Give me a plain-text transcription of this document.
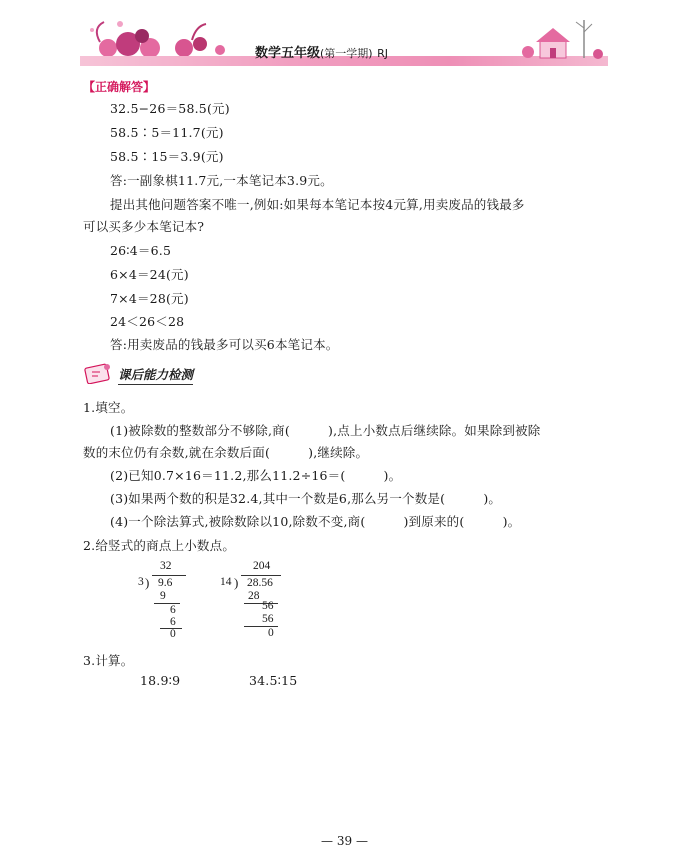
数学五年级(第一学期) RJ
【正确解答】
32.5−26＝58.5(元)
58.5∶5＝11.7(元)
58.5∶15＝3.9(元)
答:一副象棋11.7元,一本笔记本3.9元。
提出其他问题答案不唯一,例如:如果每本笔记本按4元算,用卖废品的钱最多
可以买多少本笔记本?
26∶4＝6.5
6×4＝24(元)
7×4＝28(元)
24＜26＜28
答:用卖废品的钱最多可以买6本笔记本。
课后能力检测
1.填空。
(1)被除数的整数部分不够除,商(　　　),点上小数点后继续除。如果除到被除
数的末位仍有余数,就在余数后面(　　　),继续除。
(2)已知0.7×16＝11.2,那么11.2÷16＝(　　　)。
(3)如果两个数的积是32.4,其中一个数是6,那么另一个数是(　　　)。
(4)一个除法算式,被除数除以10,除数不变,商(　　　)到原来的(　　　)。
2.给竖式的商点上小数点。
32
3 ) 9.6
9
6
6
0
204
14 ) 28.56
28
56
56
0
3.计算。
18.9∶9	34.5∶15
— 39 —
